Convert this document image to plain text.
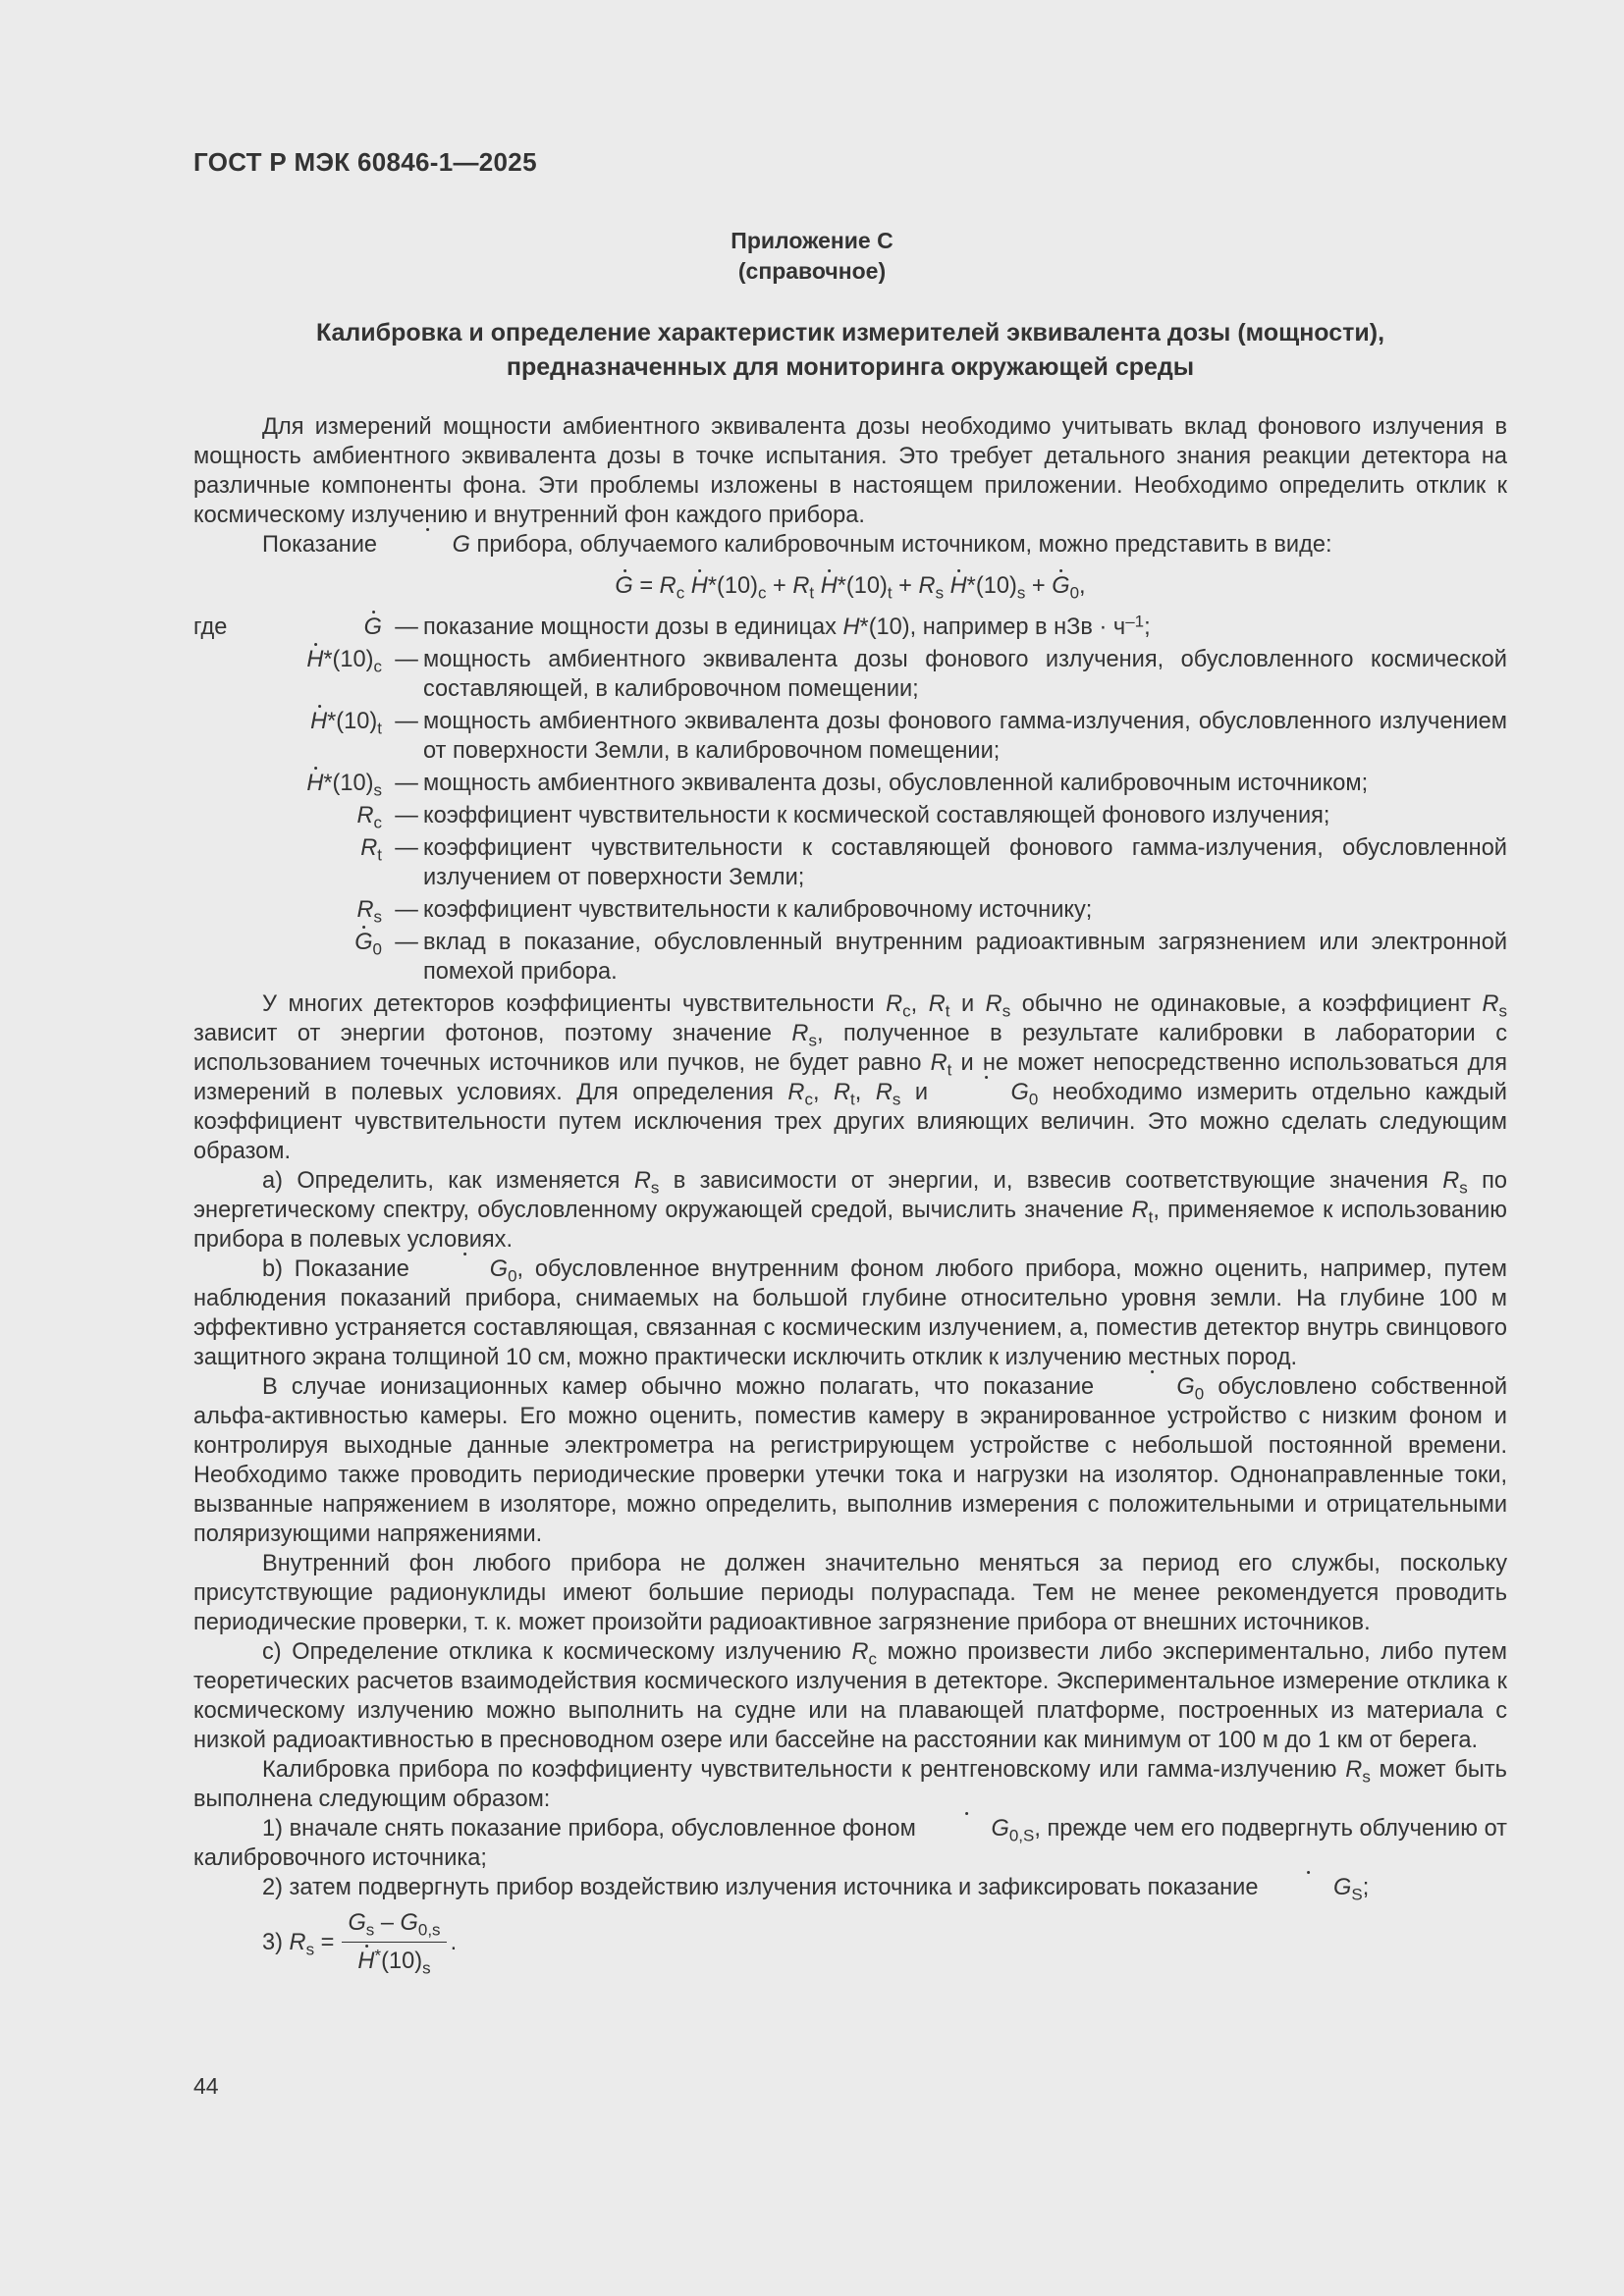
ГОСТ Р МЭК 60846-1—2025
Приложение С
(справочное)
Калибровка и определение характеристик измерителей эквивалента дозы (мощности),
предназначенных для мониторинга окружающей среды

Для измерений мощности амбиентного эквивалента дозы необходимо учитывать вклад фонового излучения в мощность амбиентного эквивалента дозы в точке испытания. Это требует детального знания реакции детектора на различные компоненты фона. Эти проблемы изложены в настоящем приложении. Необходимо определить отклик к космическому излучению и внутренний фон каждого прибора.

Показание	G прибора, облучаемого калибровочным источником, можно представить в виде:

$G = R_c$ $H*(10)_c + R_t$ $H*(10)_t + R_s$ $H*(10)_s + G_0$,

где	G	—	показание мощности дозы в единицах H*(10), например в нЗв · $ч^{-1}$;
	$H*(10)_c$	—	мощность амбиентного эквивалента дозы фонового излучения, обусловленного космической составляющей, в калибровочном помещении;
	$H*(10)_t$	—	мощность амбиентного эквивалента дозы фонового гамма-излучения, обусловленного излучением от поверхности Земли, в калибровочном помещении;
	$H*(10)_s$	—	мощность амбиентного эквивалента дозы, обусловленной калибровочным источником;
	$R_c$	—	коэффициент чувствительности к космической составляющей фонового излучения;
	$R_t$	—	коэффициент чувствительности к составляющей фонового гамма-излучения, обусловленной излучением от поверхности Земли;
	$R_s$	—	коэффициент чувствительности к калибровочному источнику;
	$G_0$	—	вклад в показание, обусловленный внутренним радиоактивным загрязнением или электронной помехой прибора.

У многих детекторов коэффициенты чувствительности $R_c$, $R_t$ и $R_s$ обычно не одинаковые, а коэффициент $R_s$ зависит от энергии фотонов, поэтому значение $R_s$, полученное в результате калибровки в лаборатории с использованием точечных источников или пучков, не будет равно $R_t$ и не может непосредственно использоваться для измерений в полевых условиях. Для определения $R_c$, $R_t$, $R_s$ и	$G_0$ необходимо измерить отдельно каждый коэффициент чувствительности путем исключения трех других влияющих величин. Это можно сделать следующим образом.

а) Определить, как изменяется $R_s$ в зависимости от энергии, и, взвесив соответствующие значения $R_s$ по энергетическому спектру, обусловленному окружающей средой, вычислить значение $R_t$, применяемое к использованию прибора в полевых условиях.

b) Показание	$G_0$, обусловленное внутренним фоном любого прибора, можно оценить, например, путем наблюдения показаний прибора, снимаемых на большой глубине относительно уровня земли. На глубине 100 м эффективно устраняется составляющая, связанная с космическим излучением, а, поместив детектор внутрь свинцового защитного экрана толщиной 10 см, можно практически исключить отклик к излучению местных пород.

В случае ионизационных камер обычно можно полагать, что показание	$G_0$ обусловлено собственной альфа-активностью камеры. Его можно оценить, поместив камеру в экранированное устройство с низким фоном и контролируя выходные данные электрометра на регистрирующем устройстве с небольшой постоянной времени. Необходимо также проводить периодические проверки утечки тока и нагрузки на изолятор. Однонаправленные токи, вызванные напряжением в изоляторе, можно определить, выполнив измерения с положительными и отрицательными поляризующими напряжениями.

Внутренний фон любого прибора не должен значительно меняться за период его службы, поскольку присутствующие радионуклиды имеют большие периоды полураспада. Тем не менее рекомендуется проводить периодические проверки, т. к. может произойти радиоактивное загрязнение прибора от внешних источников.

с) Определение отклика к космическому излучению $R_c$ можно произвести либо экспериментально, либо путем теоретических расчетов взаимодействия космического излучения в детекторе. Экспериментальное измерение отклика к космическому излучению можно выполнить на судне или на плавающей платформе, построенных из материала с низкой радиоактивностью в пресноводном озере или бассейне на расстоянии как минимум от 100 м до 1 км от берега.

Калибровка прибора по коэффициенту чувствительности к рентгеновскому или гамма-излучению $R_s$ может быть выполнена следующим образом:

1) вначале снять показание прибора, обусловленное фоном	$G_{0,S}$, прежде чем его подвергнуть облучению от калибровочного источника;

2) затем подвергнуть прибор воздействию излучения источника и зафиксировать показание	$G_S$;

3)
$R_s = \frac{G_s - G_{0,s}}{H^*(10)_s}$ .
44
